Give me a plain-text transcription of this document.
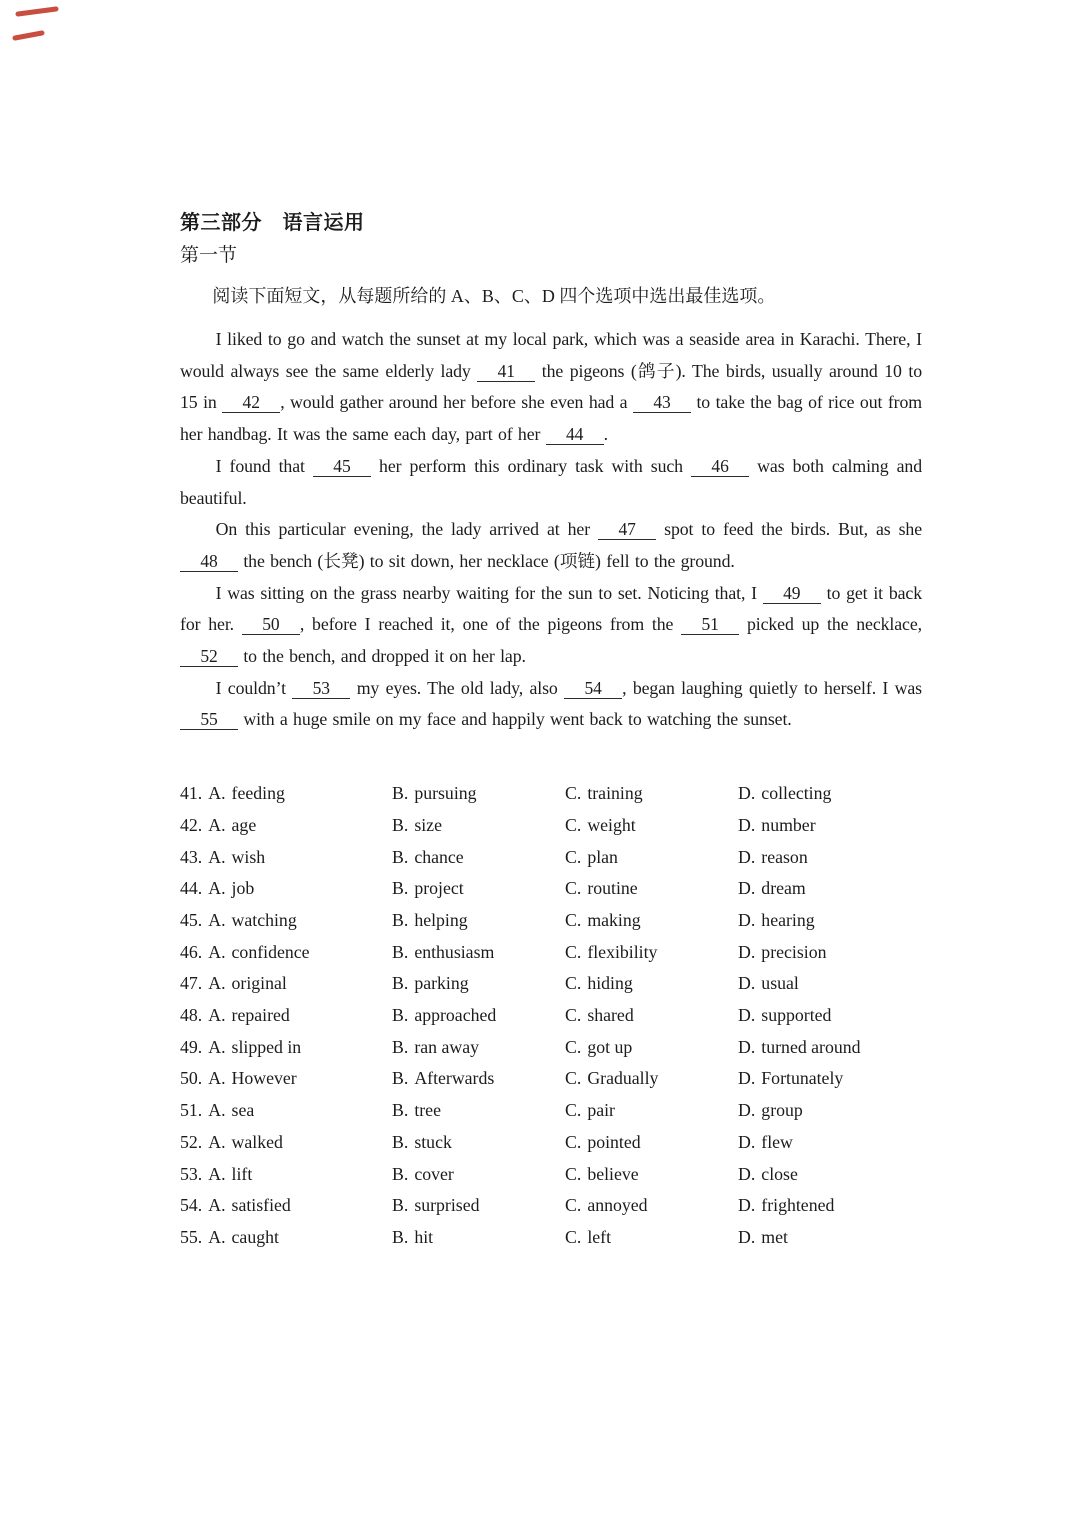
第三部分　语言运用
第一节

阅读下面短文，从每题所给的 A、B、C、D 四个选项中选出最佳选项。

I liked to go and watch the sunset at my local park, which was a seaside area in Karachi. There, I would always see the same elderly lady 41 the pigeons (鸽子). The birds, usually around 10 to 15 in 42 , would gather around her before she even had a 43 to take the bag of rice out from her handbag. It was the same each day, part of her 44 .

I found that 45 her perform this ordinary task with such 46 was both calming and beautiful.

On this particular evening, the lady arrived at her 47 spot to feed the birds. But, as she 48 the bench (长凳) to sit down, her necklace (项链) fell to the ground.

I was sitting on the grass nearby waiting for the sun to set. Noticing that, I 49 to get it back for her. 50 , before I reached it, one of the pigeons from the 51 picked up the necklace, 52 to the bench, and dropped it on her lap.

I couldn’t 53 my eyes. The old lady, also 54 , began laughing quietly to herself. I was 55 with a huge smile on my face and happily went back to watching the sunset.

41. A. feeding	B. pursuing	C. training	D. collecting
42. A. age	B. size	C. weight	D. number
43. A. wish	B. chance	C. plan	D. reason
44. A. job	B. project	C. routine	D. dream
45. A. watching	B. helping	C. making	D. hearing
46. A. confidence	B. enthusiasm	C. flexibility	D. precision
47. A. original	B. parking	C. hiding	D. usual
48. A. repaired	B. approached	C. shared	D. supported
49. A. slipped in	B. ran away	C. got up	D. turned around
50. A. However	B. Afterwards	C. Gradually	D. Fortunately
51. A. sea	B. tree	C. pair	D. group
52. A. walked	B. stuck	C. pointed	D. flew
53. A. lift	B. cover	C. believe	D. close
54. A. satisfied	B. surprised	C. annoyed	D. frightened
55. A. caught	B. hit	C. left	D. met
